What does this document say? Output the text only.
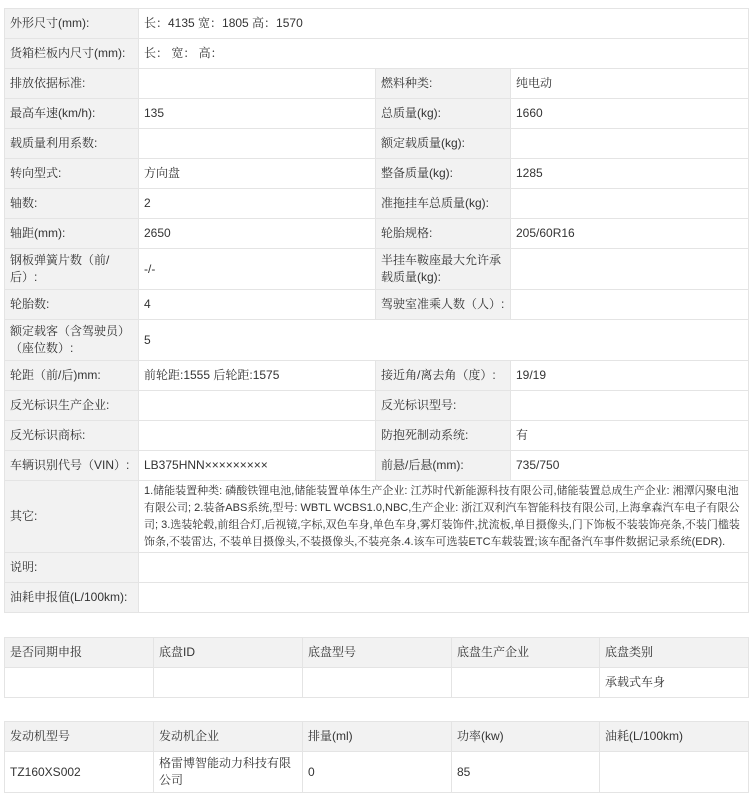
外形尺寸(mm):	长：4135 宽：1805 高：1570		
货箱栏板内尺寸(mm):	长： 宽： 高：		
排放依据标准:		燃料种类:	纯电动
最高车速(km/h):	135	总质量(kg):	1660
载质量利用系数:		额定载质量(kg):	
转向型式:	方向盘	整备质量(kg):	1285
轴数:	2	准拖挂车总质量(kg):	
轴距(mm):	2650	轮胎规格:	205/60R16
钢板弹簧片数（前/后）:	-/-	半挂车鞍座最大允许承载质量(kg):	
轮胎数:	4	驾驶室准乘人数（人）:	
额定载客（含驾驶员）（座位数）:	5		
轮距（前/后)mm:	前轮距:1555 后轮距:1575	接近角/离去角（度）:	19/19
反光标识生产企业:		反光标识型号:	
反光标识商标:		防抱死制动系统:	有
车辆识别代号（VIN）:	LB375HNN×××××××××	前悬/后悬(mm):	735/750
其它:	1.储能装置种类: 磷酸铁锂电池,储能装置单体生产企业: 江苏时代新能源科技有限公司,储能装置总成生产企业: 湘潭闪聚电池有限公司; 2.装备ABS系统,型号: WBTL WCBS1.0,NBC,生产企业: 浙江双利汽车智能科技有限公司,上海拿森汽车电子有限公司; 3.选装轮毂,前组合灯,后视镜,字标,双色车身,单色车身,雾灯装饰件,扰流板,单目摄像头,门下饰板不装装饰亮条,不装门槛装饰条,不装雷达, 不装单目摄像头,不装摄像头,不装亮条.4.该车可选装ETC车载装置;该车配备汽车事件数据记录系统(EDR).		
说明:			
油耗申报值(L/100km):			
是否同期申报	底盘ID	底盘型号	底盘生产企业	底盘类别
				承载式车身
发动机型号	发动机企业	排量(ml)	功率(kw)	油耗(L/100km)
TZ160XS002	格雷博智能动力科技有限公司	0	85	
